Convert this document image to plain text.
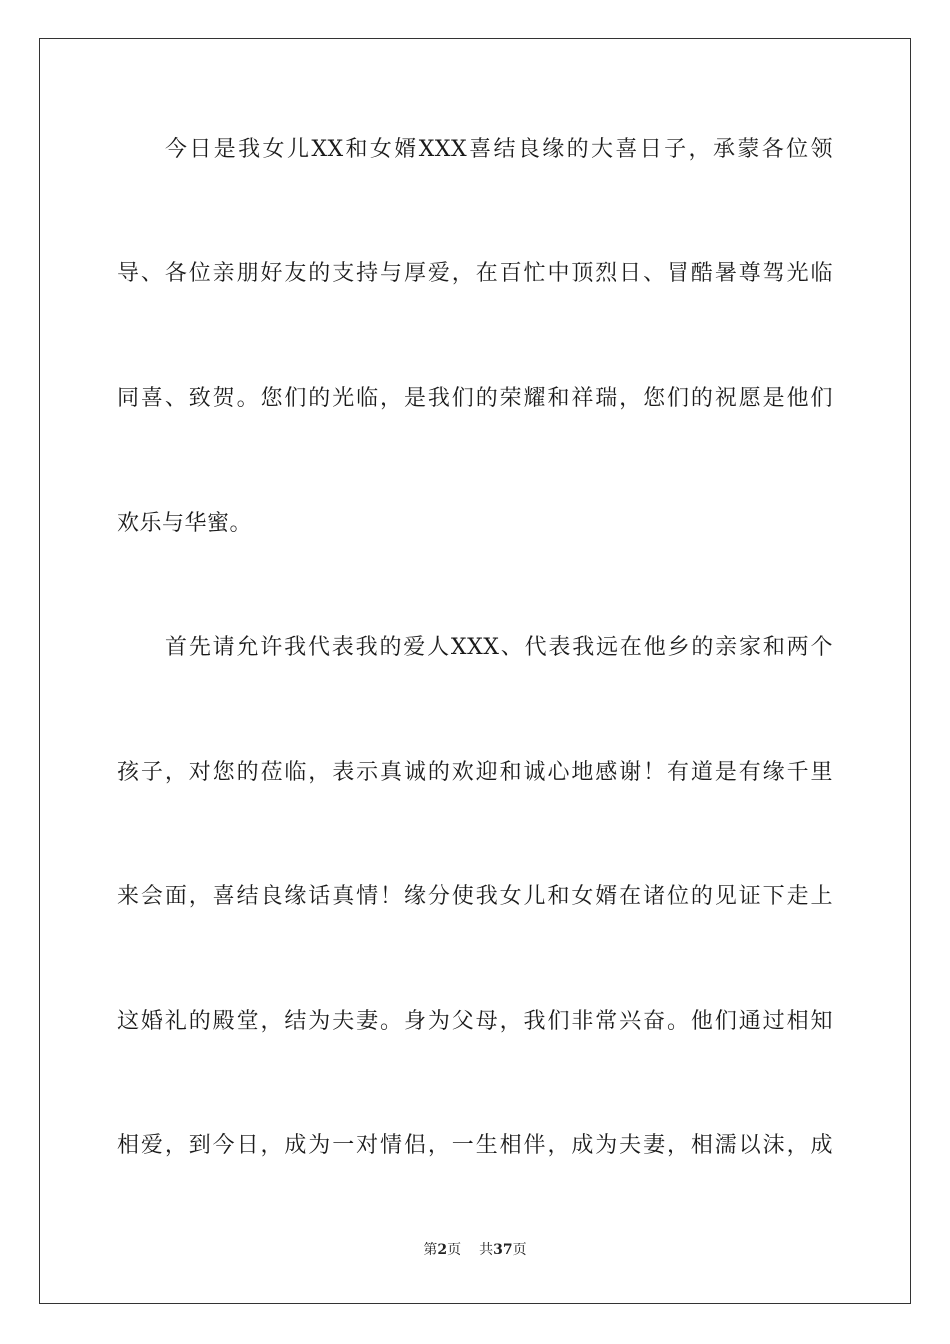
今日是我女儿XX和女婿XXX喜结良缘的大喜日子，承蒙各位领
导、各位亲朋好友的支持与厚爱，在百忙中顶烈日、冒酷暑尊驾光临
同喜、致贺。您们的光临，是我们的荣耀和祥瑞，您们的祝愿是他们
欢乐与华蜜。
首先请允许我代表我的爱人XXX、代表我远在他乡的亲家和两个
孩子，对您的莅临，表示真诚的欢迎和诚心地感谢！有道是有缘千里
来会面，喜结良缘话真情！缘分使我女儿和女婿在诸位的见证下走上
这婚礼的殿堂，结为夫妻。身为父母，我们非常兴奋。他们通过相知
相爱，到今日，成为一对情侣，一生相伴，成为夫妻，相濡以沫，成
第2页 共37页
